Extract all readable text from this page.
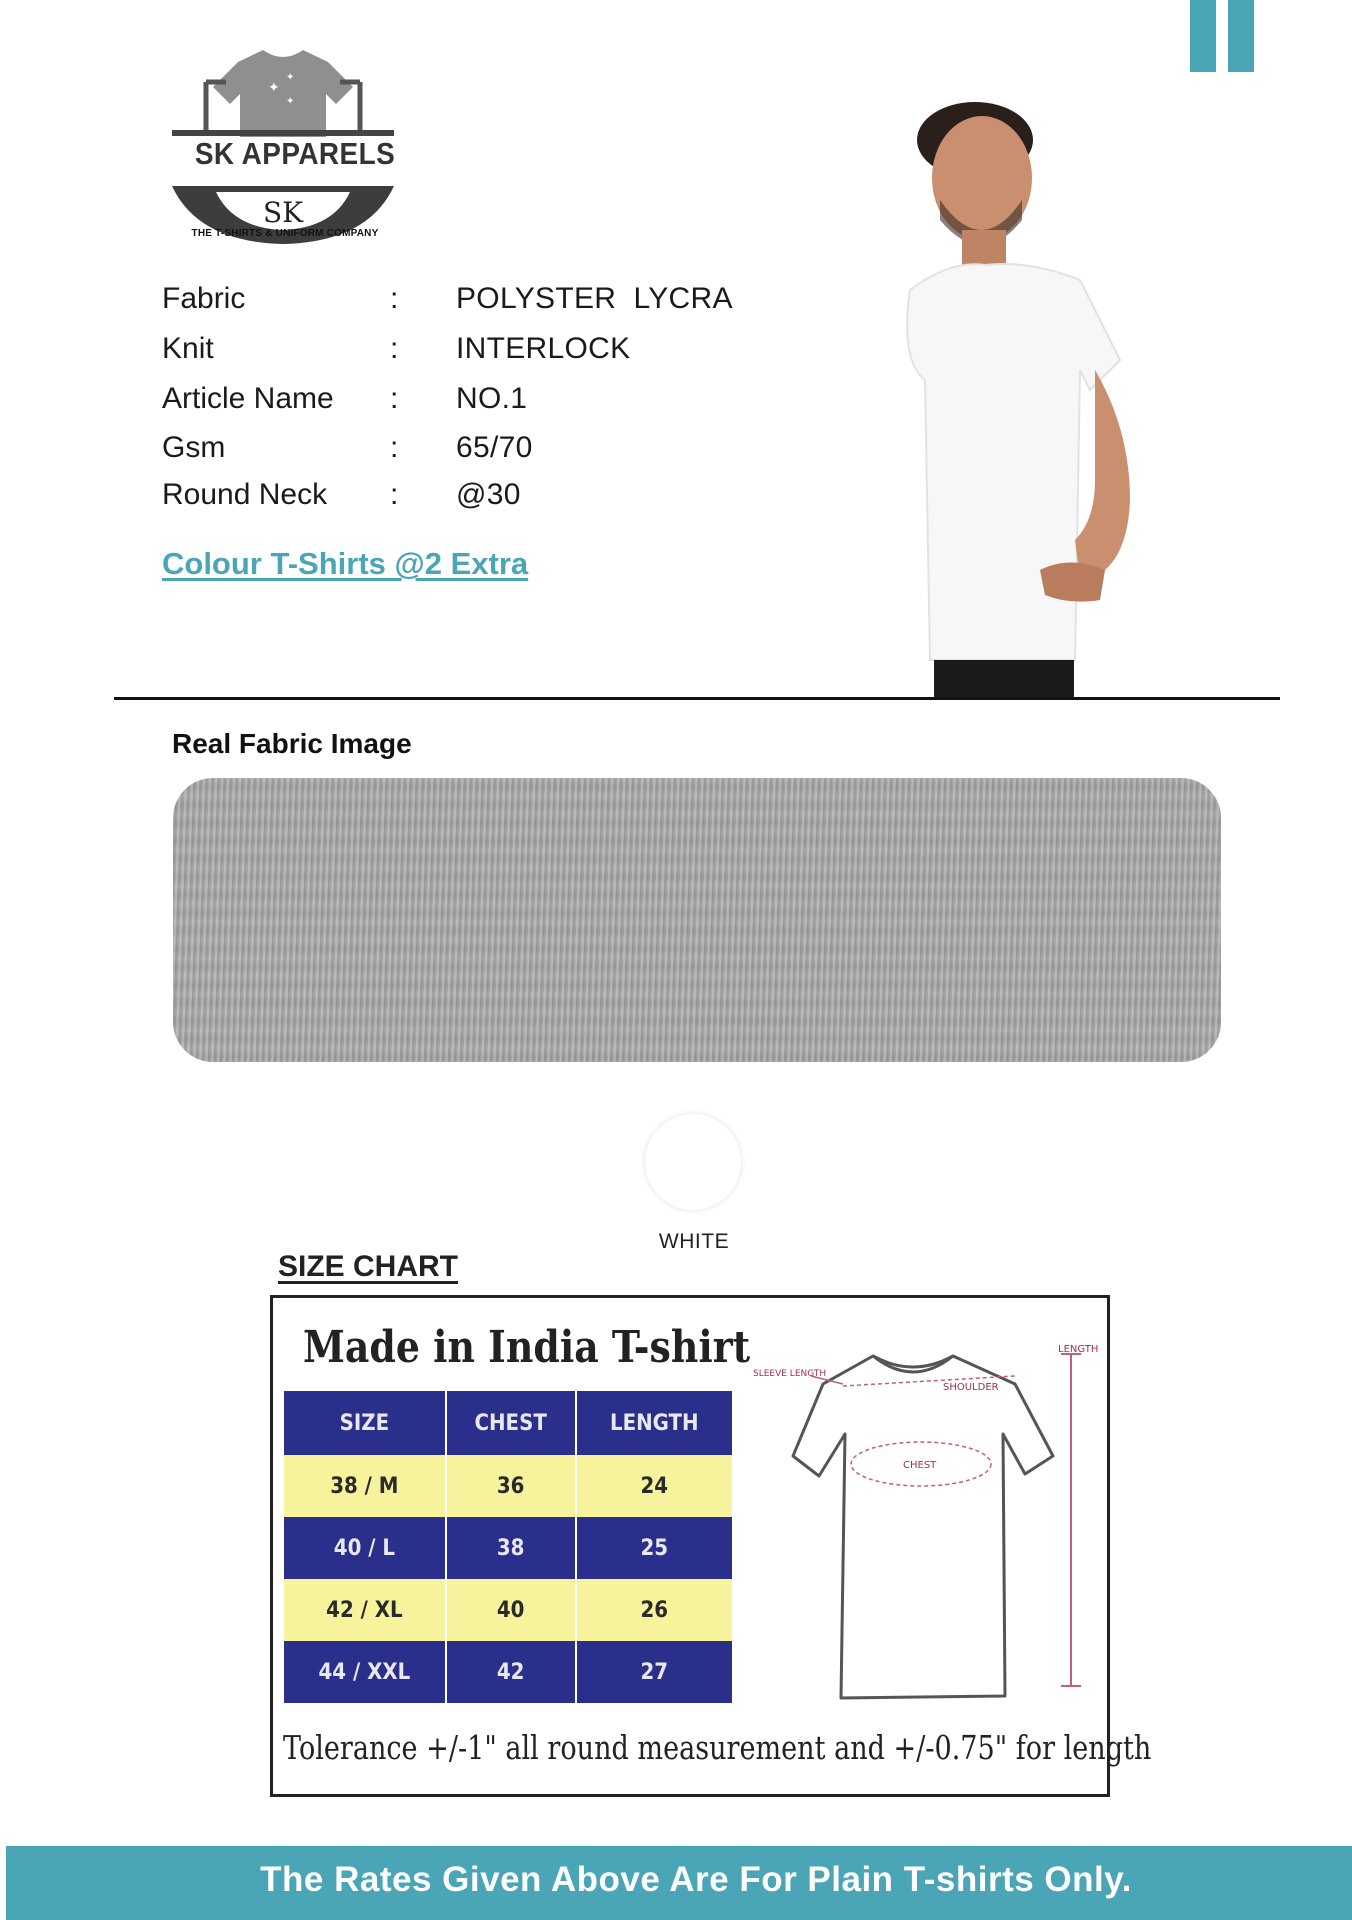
✦
✦
✦
SK
SK APPARELS
THE T-SHIRTS & UNIFORM COMPANY
Fabric	: POLYSTER  LYCRA
Knit	: INTERLOCK
Article Name	: NO.1
Gsm	: 65/70
Round Neck	: @30
Colour T-Shirts @2 Extra
Real Fabric Image
WHITE
SIZE CHART
Made in India T-shirt
SIZE	CHEST	LENGTH
38 / M	36	24
40 / L	38	25
42 / XL	40	26
44 / XXL	42	27
LENGTH
SLEEVE LENGTH
SHOULDER
CHEST
Tolerance +/-1" all round measurement and +/-0.75" for length
The Rates Given Above Are For Plain T-shirts Only.
